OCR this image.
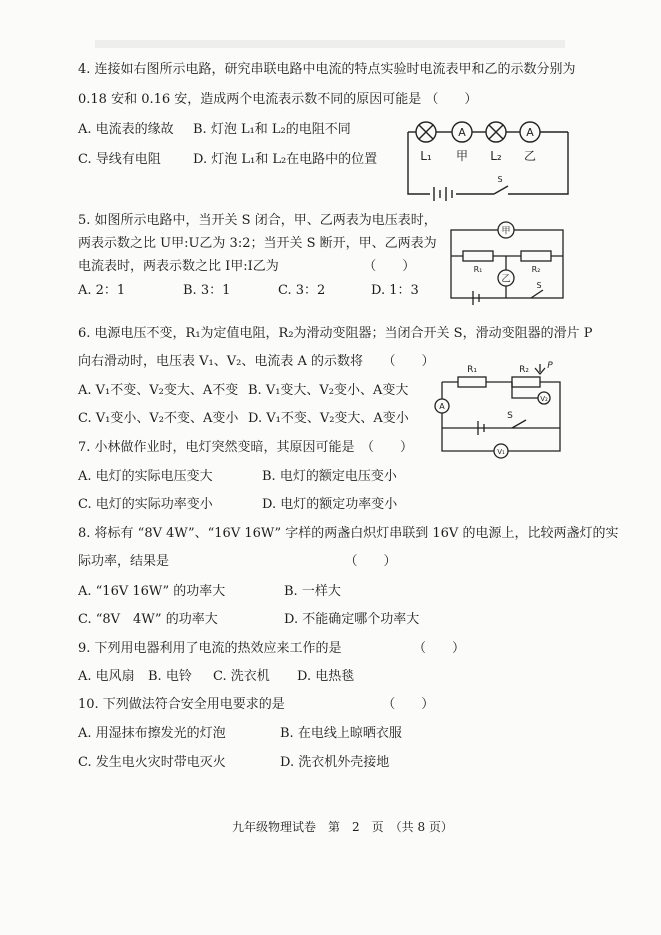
4. 连接如右图所示电路，研究串联电路中电流的特点实验时电流表甲和乙的示数分别为
0.18 安和 0.16 安，造成两个电流表示数不同的原因可能是 （　　）
A. 电流表的缘故 B. 灯泡 L₁和 L₂的电阻不同
C. 导线有电阻 D. 灯泡 L₁和 L₂在电路中的位置	L₁ 甲 L₂ 乙
A	A
S
5. 如图所示电路中，当开关 S 闭合，甲、乙两表为电压表时，
两表示数之比 U甲:U乙为 3:2；当开关 S 断开，甲、乙两表为
电流表时，两表示数之比 I甲:I乙为　　　　　　　（　　）
A. 2：1	B. 3：1	C. 3：2	D. 1：3
甲
乙
R₁	R₂
S
6. 电源电压不变，R₁为定值电阻，R₂为滑动变阻器；当闭合开关 S，滑动变阻器的滑片 P
向右滑动时，电压表 V₁、V₂、电流表 A 的示数将　　（　　）
A. V₁不变、V₂变大、A不变 B. V₁变大、V₂变小、A变大
C. V₁变小、V₂不变、A变小 D. V₁不变、V₂变大、A变小
R₁	R₂ P
V₂
A
S
V₁
7. 小林做作业时，电灯突然变暗，其原因可能是　（　　）
A. 电灯的实际电压变大	B. 电灯的额定电压变小
C. 电灯的实际功率变小	D. 电灯的额定功率变小
8. 将标有 “8V 4W”、“16V 16W” 字样的两盏白炽灯串联到 16V 的电源上，比较两盏灯的实
际功率，结果是　　　　　　　　　　　　　　（　　）
A. “16V 16W” 的功率大	B. 一样大
C. “8V　4W” 的功率大	D. 不能确定哪个功率大
9. 下列用电器利用了电流的热效应来工作的是　　　　　　（　　）
A. 电风扇 B. 电铃 C. 洗衣机 D. 电热毯
10. 下列做法符合安全用电要求的是　　　　　　　　（　　）
A. 用湿抹布擦发光的灯泡	B. 在电线上晾晒衣服
C. 发生电火灾时带电灭火	D. 洗衣机外壳接地
九年级物理试卷　第　2　页　（共 8 页）
